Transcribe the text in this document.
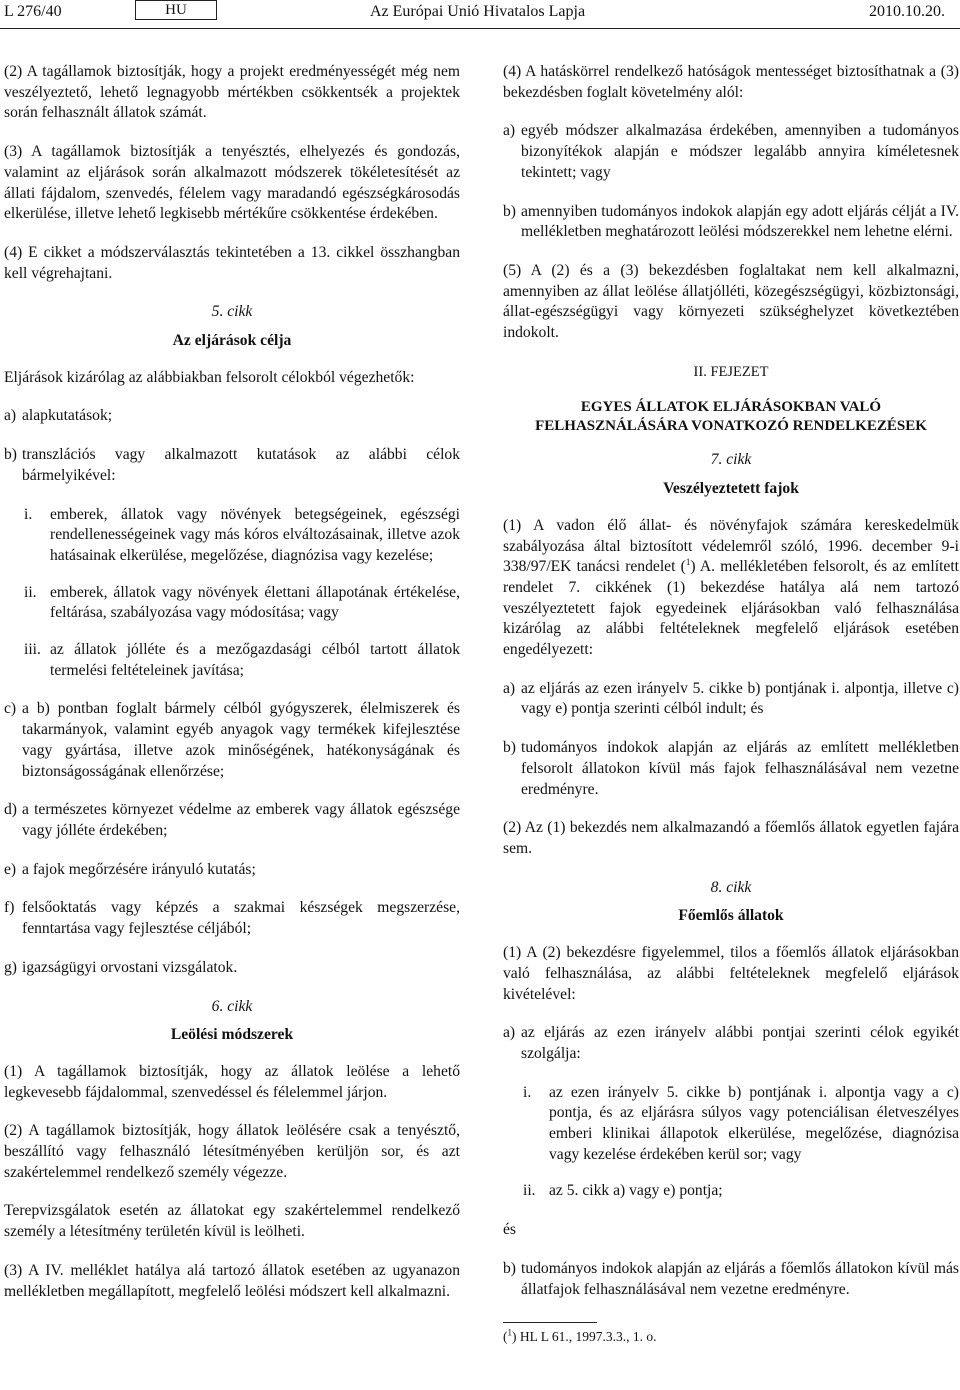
L 276/40	HU	Az Európai Unió Hivatalos Lapja	2010.10.20.

(2) A tagállamok biztosítják, hogy a projekt eredményességét még nem veszélyeztető, lehető legnagyobb mértékben csökkentsék a projektek során felhasznált állatok számát.

(3) A tagállamok biztosítják a tenyésztés, elhelyezés és gondozás, valamint az eljárások során alkalmazott módszerek tökéletesítését az állati fájdalom, szenvedés, félelem vagy maradandó egészségkárosodás elkerülése, illetve lehető legkisebb mértékűre csökkentése érdekében.

(4) E cikket a módszerválasztás tekintetében a 13. cikkel összhangban kell végrehajtani.

5. cikk
Az eljárások célja

Eljárások kizárólag az alábbiakban felsorolt célokból végezhetők:

a) alapkutatások;
b) transzlációs vagy alkalmazott kutatások az alábbi célok bármelyikével:
i.	emberek, állatok vagy növények betegségeinek, egészségi rendellenességeinek vagy más kóros elváltozásainak, illetve azok hatásainak elkerülése, megelőzése, diagnózisa vagy kezelése;
ii. emberek, állatok vagy növények élettani állapotának értékelése, feltárása, szabályozása vagy módosítása; vagy
iii. az állatok jólléte és a mezőgazdasági célból tartott állatok termelési feltételeinek javítása;
c) a b) pontban foglalt bármely célból gyógyszerek, élelmiszerek és takarmányok, valamint egyéb anyagok vagy termékek kifejlesztése vagy gyártása, illetve azok minőségének, hatékonyságának és biztonságosságának ellenőrzése;
d) a természetes környezet védelme az emberek vagy állatok egészsége vagy jólléte érdekében;
e) a fajok megőrzésére irányuló kutatás;
f) felsőoktatás vagy képzés a szakmai készségek megszerzése, fenntartása vagy fejlesztése céljából;
g) igazságügyi orvostani vizsgálatok.
6. cikk
Leölési módszerek

(1) A tagállamok biztosítják, hogy az állatok leölése a lehető legkevesebb fájdalommal, szenvedéssel és félelemmel járjon.

(2) A tagállamok biztosítják, hogy állatok leölésére csak a tenyésztő, beszállító vagy felhasználó létesítményében kerüljön sor, és azt szakértelemmel rendelkező személy végezze.

Terepvizsgálatok esetén az állatokat egy szakértelemmel rendelkező személy a létesítmény területén kívül is leölheti.

(3) A IV. melléklet hatálya alá tartozó állatok esetében az ugyanazon mellékletben megállapított, megfelelő leölési módszert kell alkalmazni.

(4) A hatáskörrel rendelkező hatóságok mentességet biztosíthatnak a (3) bekezdésben foglalt követelmény alól:

a) egyéb módszer alkalmazása érdekében, amennyiben a tudományos bizonyítékok alapján e módszer legalább annyira kíméletesnek tekintett; vagy
b) amennyiben tudományos indokok alapján egy adott eljárás célját a IV. mellékletben meghatározott leölési módszerekkel nem lehetne elérni.

(5) A (2) és a (3) bekezdésben foglaltakat nem kell alkalmazni, amennyiben az állat leölése állatjólléti, közegészségügyi, közbiztonsági, állat-egészségügyi vagy környezeti szükséghelyzet következtében indokolt.

II. FEJEZET
EGYES ÁLLATOK ELJÁRÁSOKBAN VALÓ FELHASZNÁLÁSÁRA VONATKOZÓ RENDELKEZÉSEK
7. cikk
Veszélyeztetett fajok

(1) A vadon élő állat- és növényfajok számára kereskedelmük szabályozása által biztosított védelemről szóló, 1996. december 9-i 338/97/EK tanácsi rendelet ($^1$) A. mellékletében felsorolt, és az említett rendelet 7. cikkének (1) bekezdése hatálya alá nem tartozó veszélyeztetett fajok egyedeinek eljárásokban való felhasználása kizárólag az alábbi feltételeknek megfelelő eljárások esetében engedélyezett:

a) az eljárás az ezen irányelv 5. cikke b) pontjának i. alpontja, illetve c) vagy e) pontja szerinti célból indult; és
b) tudományos indokok alapján az eljárás az említett mellékletben felsorolt állatokon kívül más fajok felhasználásával nem vezetne eredményre.

(2) Az (1) bekezdés nem alkalmazandó a főemlős állatok egyetlen fajára sem.

8. cikk
Főemlős állatok

(1) A (2) bekezdésre figyelemmel, tilos a főemlős állatok eljárásokban való felhasználása, az alábbi feltételeknek megfelelő eljárások kivételével:

a) az eljárás az ezen irányelv alábbi pontjai szerinti célok egyikét szolgálja:
i.	az ezen irányelv 5. cikke b) pontjának i. alpontja vagy a c) pontja, és az eljárásra súlyos vagy potenciálisan életveszélyes emberi klinikai állapotok elkerülése, megelőzése, diagnózisa vagy kezelése érdekében kerül sor; vagy
ii. az 5. cikk a) vagy e) pontja;

és

b) tudományos indokok alapján az eljárás a főemlős állatokon kívül más állatfajok felhasználásával nem vezetne eredményre.
($^1$) HL L 61., 1997.3.3., 1. o.
